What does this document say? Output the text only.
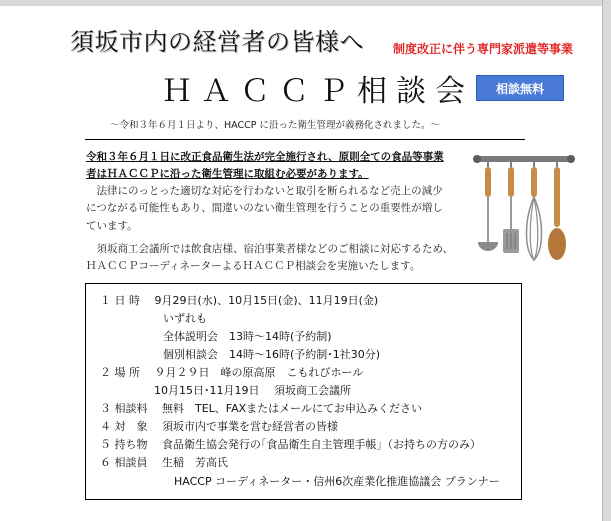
須坂市内の経営者の皆様へ 制度改正に伴う専門家派遣等事業
ＨＡＣＣＰ相談会	相談無料
～令和３年６月１日より、HACCP に沿った衛生管理が義務化されました。～
令和３年６月１日に改正食品衛生法が完全施行され、原則全ての食品等事業
者はＨＡＣＣＰに沿った衛生管理に取組む必要があります。
法律にのっとった適切な対応を行わないと取引を断られるなど売上の減少
につながる可能性もあり、間違いのない衛生管理を行うことの重要性が増し
ています。
須坂商工会議所では飲食店様、宿泊事業者様などのご相談に対応するため、
ＨＡＣＣＰコーディネーターよるＨＡＣＣＰ相談会を実施いたします。
１ 日 時　 9月29日(水)、10月15日(金)、11月19日(金)
いずれも
全体説明会　13時～14時(予約制)
個別相談会　14時～16時(予約制･1社30分)
２ 場 所　 ９月２９日　峰の原高原　こもれびホール
10月15日･11月19日　 須坂商工会議所
３ 相談料　 無料　TEL、FAXまたはメールにてお申込みください
４ 対　象　 須坂市内で事業を営む経営者の皆様
５ 持ち物　 食品衛生協会発行の｢食品衛生自主管理手帳｣（お持ちの方のみ）
６ 相談員　 生稲　芳高氏
HACCP コーディネーター・信州6次産業化推進協議会 プランナー
